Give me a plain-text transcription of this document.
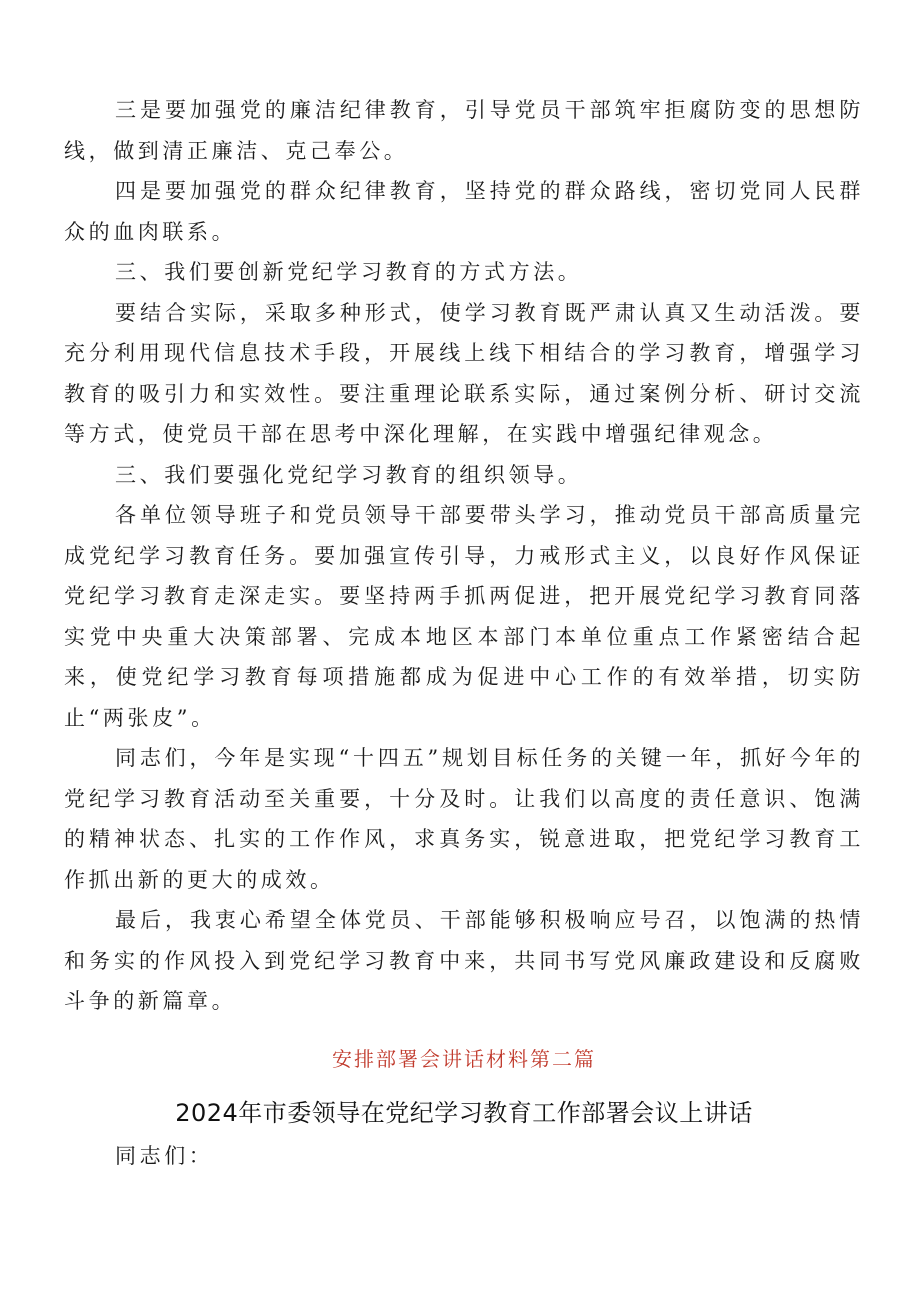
三是要加强党的廉洁纪律教育，引导党员干部筑牢拒腐防变的思想防线，做到清正廉洁、克己奉公。

四是要加强党的群众纪律教育，坚持党的群众路线，密切党同人民群众的血肉联系。

三、我们要创新党纪学习教育的方式方法。

要结合实际，采取多种形式，使学习教育既严肃认真又生动活泼。要充分利用现代信息技术手段，开展线上线下相结合的学习教育，增强学习教育的吸引力和实效性。要注重理论联系实际，通过案例分析、研讨交流等方式，使党员干部在思考中深化理解，在实践中增强纪律观念。

三、我们要强化党纪学习教育的组织领导。

各单位领导班子和党员领导干部要带头学习，推动党员干部高质量完成党纪学习教育任务。要加强宣传引导，力戒形式主义，以良好作风保证党纪学习教育走深走实。要坚持两手抓两促进，把开展党纪学习教育同落实党中央重大决策部署、完成本地区本部门本单位重点工作紧密结合起来，使党纪学习教育每项措施都成为促进中心工作的有效举措，切实防止“两张皮”。

同志们，今年是实现“十四五”规划目标任务的关键一年，抓好今年的党纪学习教育活动至关重要，十分及时。让我们以高度的责任意识、饱满的精神状态、扎实的工作作风，求真务实，锐意进取，把党纪学习教育工作抓出新的更大的成效。

最后，我衷心希望全体党员、干部能够积极响应号召，以饱满的热情和务实的作风投入到党纪学习教育中来，共同书写党风廉政建设和反腐败斗争的新篇章。

安排部署会讲话材料第二篇
2024年市委领导在党纪学习教育工作部署会议上讲话

同志们：
